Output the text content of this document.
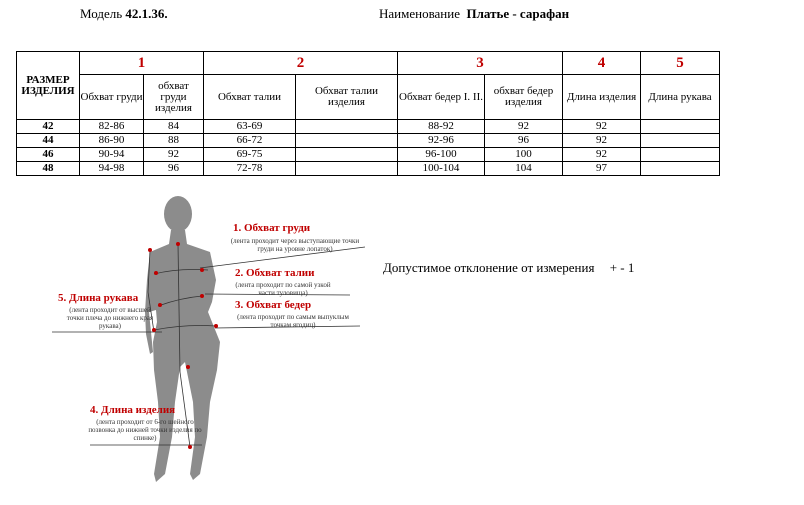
Модель 42.1.36.	Наименование Платье - сарафан
РАЗМЕР ИЗДЕЛИЯ	1		2		3		4	5
	Обхват груди	обхват груди изделия	Обхват талии	Обхват талии изделия	Обхват бедер I. II.	обхват бедер изделия	Длина изделия	Длина рукава
42	82-86	84	63-69		88-92	92	92	
44	86-90	88	66-72		92-96	96	92	
46	90-94	92	69-75		96-100	100	92	
48	94-98	96	72-78		100-104	104	97	
1. Обхват груди
(лента проходит через выступающие точки груди на уровне лопаток)
2. Обхват талии
(лента проходит по самой узкой части туловища)
3. Обхват бедер
(лента проходит по самым выпуклым точкам ягодиц)
5. Длина рукава
(лента проходит от высшей точки плеча до нижнего края рукава)
4. Длина изделия
(лента проходит от 6-го шейного позвонка до нижней точки изделия по спинке)
Допустимое отклонение от измерения + - 1
